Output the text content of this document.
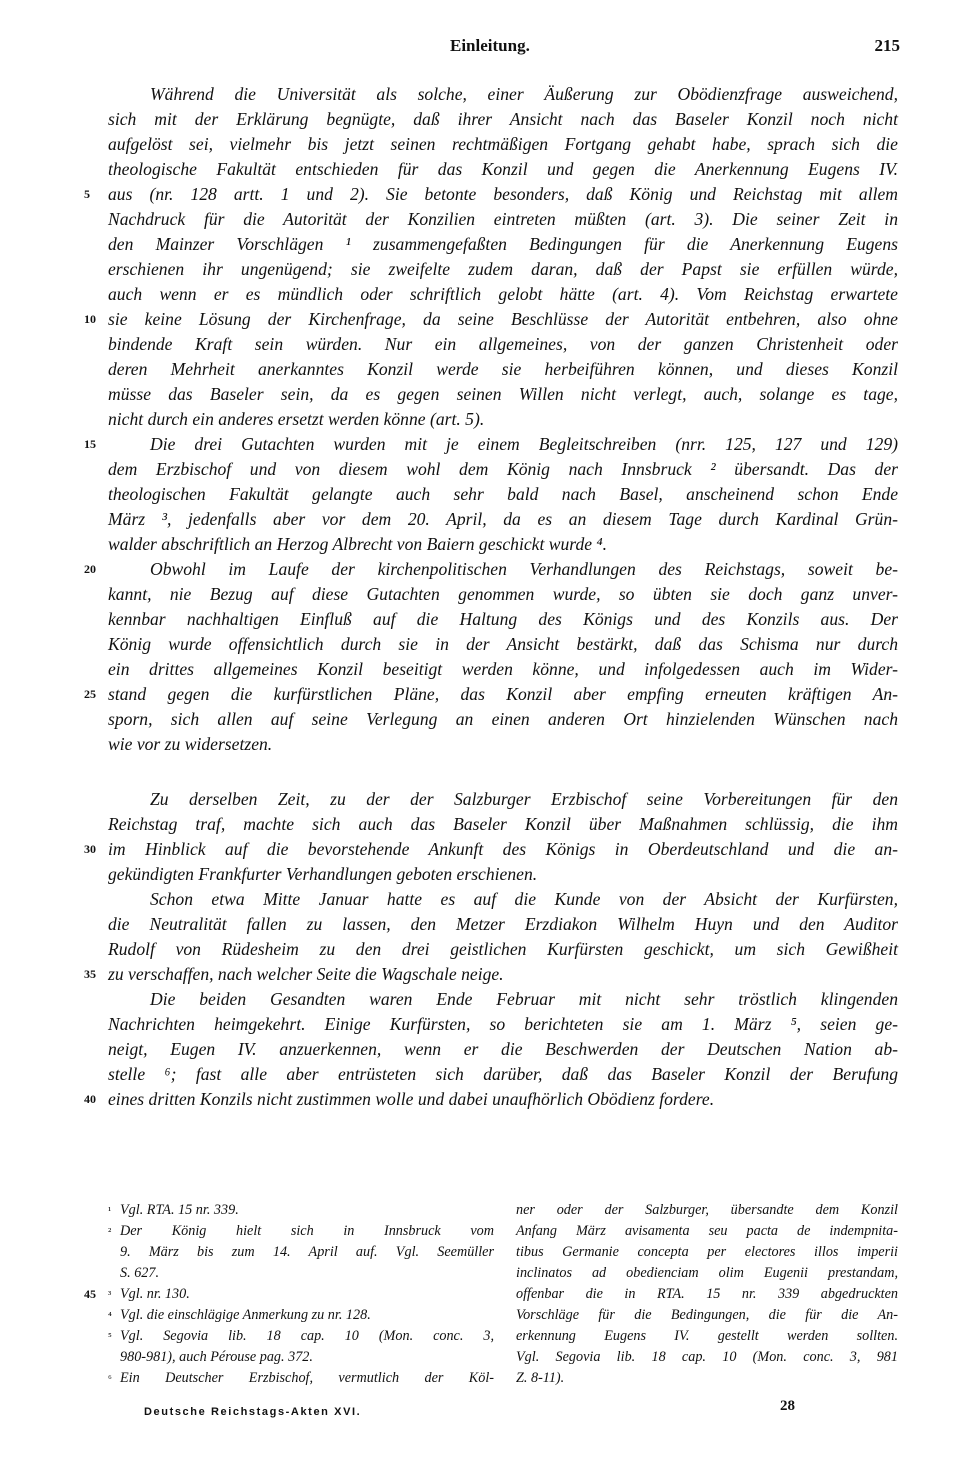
Einleitung.	215
Während die Universität als solche, einer Äußerung zur Obödienzfrage ausweichend,
sich mit der Erklärung begnügte, daß ihrer Ansicht nach das Baseler Konzil noch nicht
aufgelöst sei, vielmehr bis jetzt seinen rechtmäßigen Fortgang gehabt habe, sprach sich die
theologische Fakultät entschieden für das Konzil und gegen die Anerkennung Eugens IV.
aus (nr. 128 artt. 1 und 2). Sie betonte besonders, daß König und Reichstag mit allem
5
Nachdruck für die Autorität der Konzilien eintreten müßten (art. 3). Die seiner Zeit in
den Mainzer Vorschlägen ¹ zusammengefaßten Bedingungen für die Anerkennung Eugens
erschienen ihr ungenügend; sie zweifelte zudem daran, daß der Papst sie erfüllen würde,
auch wenn er es mündlich oder schriftlich gelobt hätte (art. 4). Vom Reichstag erwartete
sie keine Lösung der Kirchenfrage, da seine Beschlüsse der Autorität entbehren, also ohne
10
bindende Kraft sein würden. Nur ein allgemeines, von der ganzen Christenheit oder
deren Mehrheit anerkanntes Konzil werde sie herbeiführen können, und dieses Konzil
müsse das Baseler sein, da es gegen seinen Willen nicht verlegt, auch, solange es tage,
nicht durch ein anderes ersetzt werden könne (art. 5).
Die drei Gutachten wurden mit je einem Begleitschreiben (nrr. 125, 127 und 129)
15
dem Erzbischof und von diesem wohl dem König nach Innsbruck ² übersandt. Das der
theologischen Fakultät gelangte auch sehr bald nach Basel, anscheinend schon Ende
März ³, jedenfalls aber vor dem 20. April, da es an diesem Tage durch Kardinal Grün-
walder abschriftlich an Herzog Albrecht von Baiern geschickt wurde ⁴.
Obwohl im Laufe der kirchenpolitischen Verhandlungen des Reichstags, soweit be-
20
kannt, nie Bezug auf diese Gutachten genommen wurde, so übten sie doch ganz unver-
kennbar nachhaltigen Einfluß auf die Haltung des Königs und des Konzils aus. Der
König wurde offensichtlich durch sie in der Ansicht bestärkt, daß das Schisma nur durch
ein drittes allgemeines Konzil beseitigt werden könne, und infolgedessen auch im Wider-
stand gegen die kurfürstlichen Pläne, das Konzil aber empfing erneuten kräftigen An-
25
sporn, sich allen auf seine Verlegung an einen anderen Ort hinzielenden Wünschen nach
wie vor zu widersetzen.
Zu derselben Zeit, zu der der Salzburger Erzbischof seine Vorbereitungen für den
Reichstag traf, machte sich auch das Baseler Konzil über Maßnahmen schlüssig, die ihm
im Hinblick auf die bevorstehende Ankunft des Königs in Oberdeutschland und die an-
30
gekündigten Frankfurter Verhandlungen geboten erschienen.
Schon etwa Mitte Januar hatte es auf die Kunde von der Absicht der Kurfürsten,
die Neutralität fallen zu lassen, den Metzer Erzdiakon Wilhelm Huyn und den Auditor
Rudolf von Rüdesheim zu den drei geistlichen Kurfürsten geschickt, um sich Gewißheit
zu verschaffen, nach welcher Seite die Wagschale neige.
35
Die beiden Gesandten waren Ende Februar mit nicht sehr tröstlich klingenden
Nachrichten heimgekehrt. Einige Kurfürsten, so berichteten sie am 1. März ⁵, seien ge-
neigt, Eugen IV. anzuerkennen, wenn er die Beschwerden der Deutschen Nation ab-
stelle ⁶; fast alle aber entrüsteten sich darüber, daß das Baseler Konzil der Berufung
eines dritten Konzils nicht zustimmen wolle und dabei unaufhörlich Obödienz fordere.
40
¹ Vgl. RTA. 15 nr. 339.
² Der König hielt sich in Innsbruck vom
9. März bis zum 14. April auf. Vgl. Seemüller
S. 627.
45 ³ Vgl. nr. 130.
⁴ Vgl. die einschlägige Anmerkung zu nr. 128.
⁵ Vgl. Segovia lib. 18 cap. 10 (Mon. conc. 3,
980-981), auch Pérouse pag. 372.
⁶ Ein Deutscher Erzbischof, vermutlich der Köl-
ner oder der Salzburger, übersandte dem Konzil
Anfang März avisamenta seu pacta de indempnita-
tibus Germanie concepta per electores illos imperii
inclinatos ad obedienciam olim Eugenii prestandam,
offenbar die in RTA. 15 nr. 339 abgedruckten
Vorschläge für die Bedingungen, die für die An-
erkennung Eugens IV. gestellt werden sollten.
Vgl. Segovia lib. 18 cap. 10 (Mon. conc. 3, 981
Z. 8-11).
Deutsche Reichstags-Akten XVI.	28
